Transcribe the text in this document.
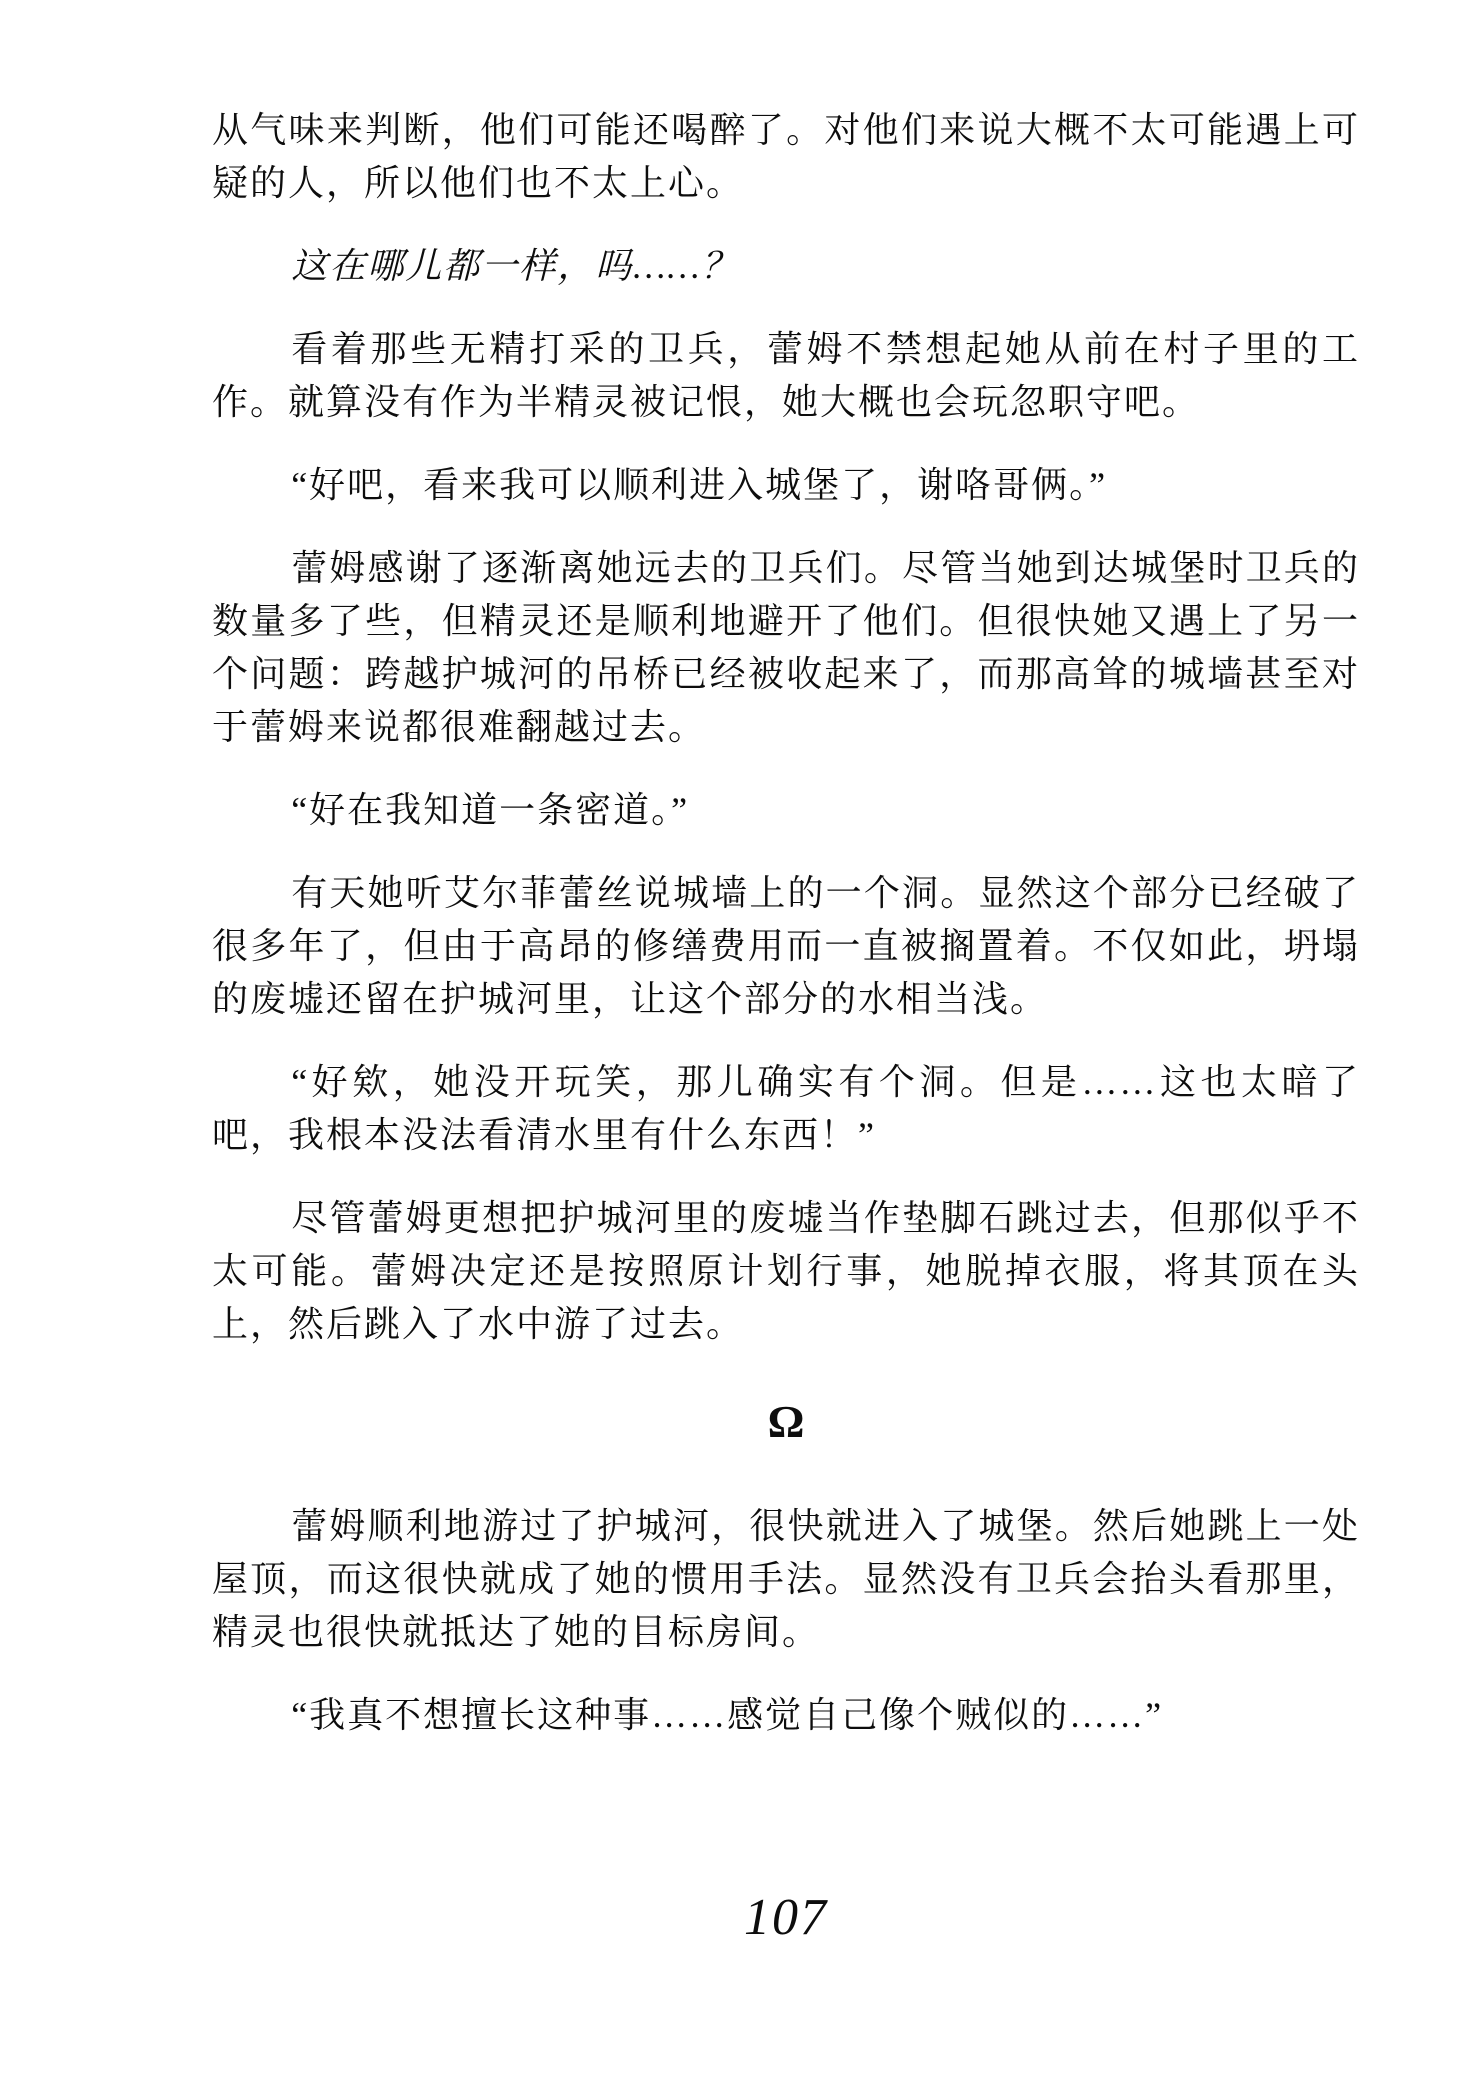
从气味来判断，他们可能还喝醉了。对他们来说大概不太可能遇上可疑的人，所以他们也不太上心。

这在哪儿都一样，吗……？

看着那些无精打采的卫兵，蕾姆不禁想起她从前在村子里的工作。就算没有作为半精灵被记恨，她大概也会玩忽职守吧。

“好吧，看来我可以顺利进入城堡了，谢咯哥俩。”

蕾姆感谢了逐渐离她远去的卫兵们。尽管当她到达城堡时卫兵的数量多了些，但精灵还是顺利地避开了他们。但很快她又遇上了另一个问题：跨越护城河的吊桥已经被收起来了，而那高耸的城墙甚至对于蕾姆来说都很难翻越过去。

“好在我知道一条密道。”

有天她听艾尔菲蕾丝说城墙上的一个洞。显然这个部分已经破了很多年了，但由于高昂的修缮费用而一直被搁置着。不仅如此，坍塌的废墟还留在护城河里，让这个部分的水相当浅。

“好欸，她没开玩笑，那儿确实有个洞。但是……这也太暗了吧，我根本没法看清水里有什么东西！”

尽管蕾姆更想把护城河里的废墟当作垫脚石跳过去，但那似乎不太可能。蕾姆决定还是按照原计划行事，她脱掉衣服，将其顶在头上，然后跳入了水中游了过去。

Ω

蕾姆顺利地游过了护城河，很快就进入了城堡。然后她跳上一处屋顶，而这很快就成了她的惯用手法。显然没有卫兵会抬头看那里，精灵也很快就抵达了她的目标房间。

“我真不想擅长这种事……感觉自己像个贼似的……”

107
